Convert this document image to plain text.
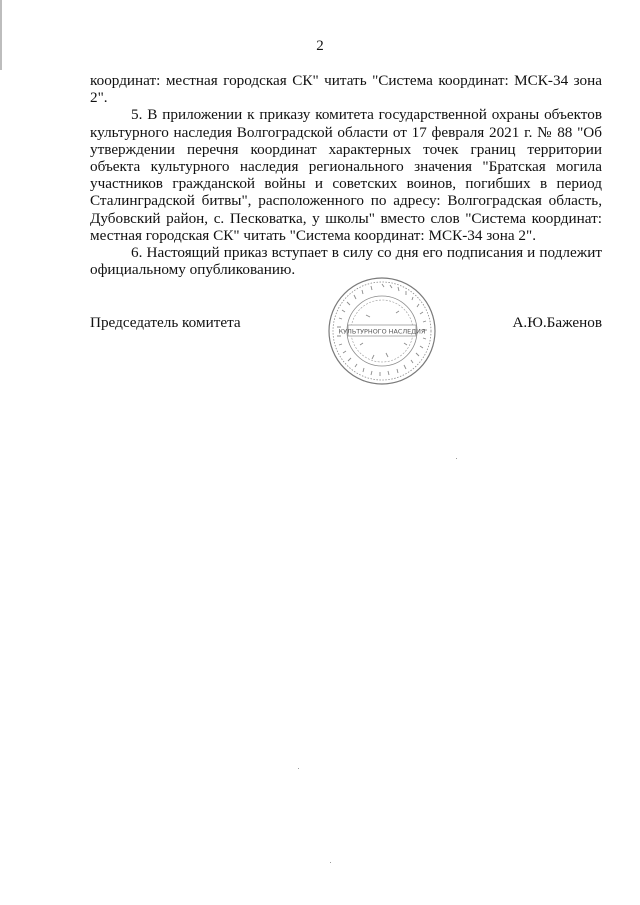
2

координат: местная городская СК" читать "Система координат: МСК-34 зона 2".

5. В приложении к приказу комитета государственной охраны объектов культурного наследия Волгоградской области от 17 февраля 2021 г. № 88 "Об утверждении перечня координат характерных точек границ территории объекта культурного наследия регионального значения "Братская могила участников гражданской войны и советских воинов, погибших в период Сталинградской битвы", расположенного по адресу: Волгоградская область, Дубовский район, с. Песковатка, у школы" вместо слов "Система координат: местная городская СК" читать "Система координат: МСК-34 зона 2".

6. Настоящий приказ вступает в силу со дня его подписания и подлежит официальному опубликованию.

Председатель комитета
КУЛЬТУРНОГО НАСЛЕДИЯ
А.Ю.Баженов
